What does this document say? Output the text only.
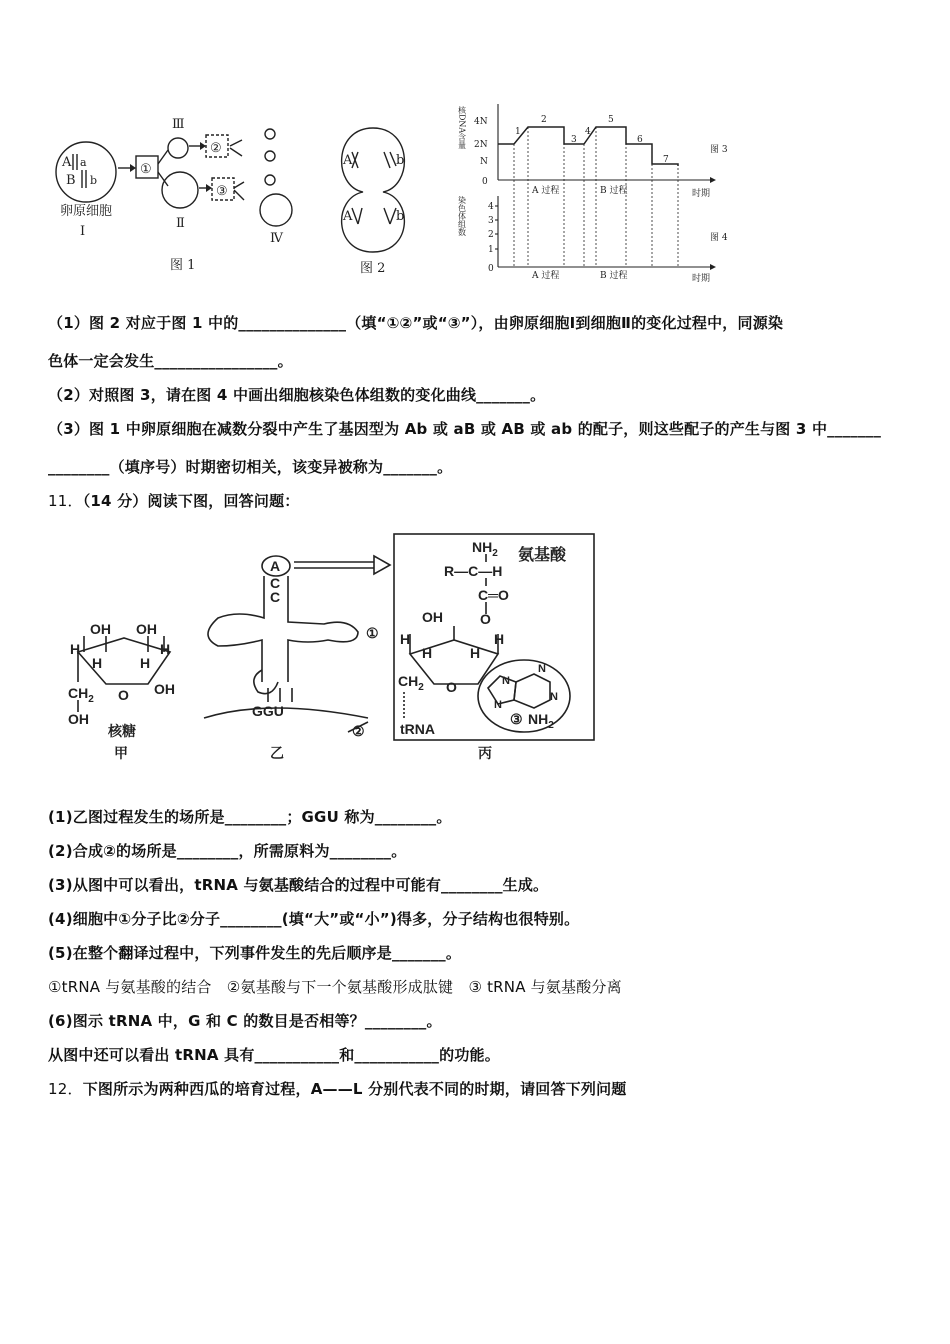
A a
B b
①
②
③
Ⅲ
Ⅱ
Ⅳ
卵原细胞
Ⅰ
图 1
A	b
A	b
图 2
4N
2N
N
0
1
2
3
4
5
6
7
A 过程	B 过程	时期
图 3
核DNA含量
4
3
2
1
0
A 过程	B 过程	时期
图 4
染色体组数
（1）图 2 对应于图 1 中的______________（填“①②”或“③”），由卵原细胞Ⅰ到细胞Ⅱ的变化过程中，同源染
色体一定会发生________________。
（2）对照图 3，请在图 4 中画出细胞核染色体组数的变化曲线_______。
（3）图 1 中卵原细胞在减数分裂中产生了基因型为 Ab 或 aB 或 AB 或 ab 的配子，则这些配子的产生与图 3 中_______
________（填序号）时期密切相关，该变异被称为_______。
11．（14 分）阅读下图，回答问题：
OH OH
H
H	H
H
OH
O
$CH_2$
OH
核糖
甲
A
C
C
①
GGU
②
乙
$NH_2$ 氨基酸
R—C—H
C═O
O
OH
H
H	H
H
$CH_2$ O	N
N
N
N
③ $NH_2$
tRNA
丙
(1)乙图过程发生的场所是________；GGU 称为________。
(2)合成②的场所是________，所需原料为________。
(3)从图中可以看出，tRNA 与氨基酸结合的过程中可能有________生成。
(4)细胞中①分子比②分子________(填“大”或“小”)得多，分子结构也很特别。
(5)在整个翻译过程中，下列事件发生的先后顺序是_______。
①tRNA 与氨基酸的结合　②氨基酸与下一个氨基酸形成肽键　③ tRNA 与氨基酸分离
(6)图示 tRNA 中，G 和 C 的数目是否相等？________。
从图中还可以看出 tRNA 具有___________和___________的功能。
12．下图所示为两种西瓜的培育过程，A——L 分别代表不同的时期，请回答下列问题
